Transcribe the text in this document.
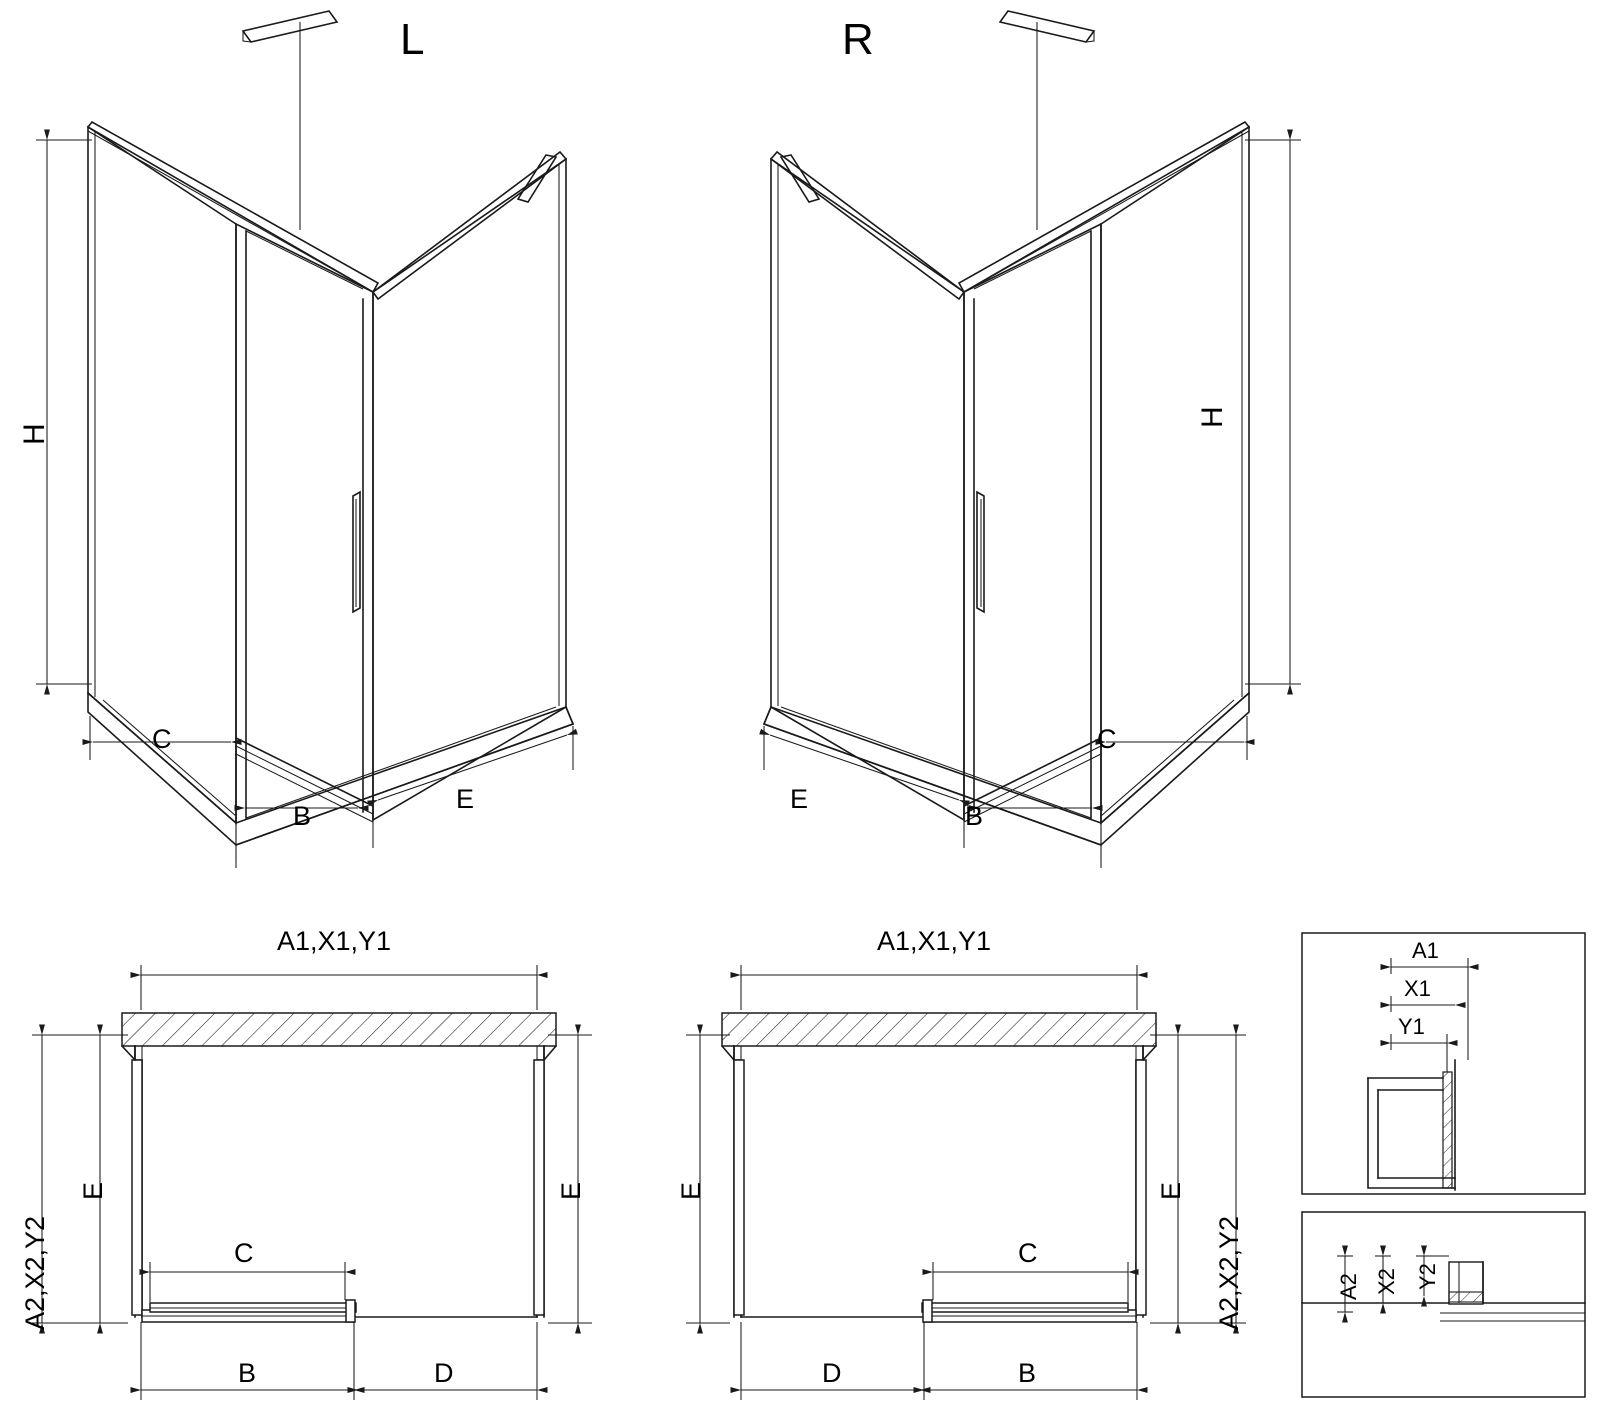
L
H
C
B
E
R
H
C
B
E
A1,X1,Y1
A2,X2,Y2
E	E
C
B	D
A1,X1,Y1
A2,X2,Y2
E	E
C
D	B
A1
X1
Y1
A2 X2 Y2
